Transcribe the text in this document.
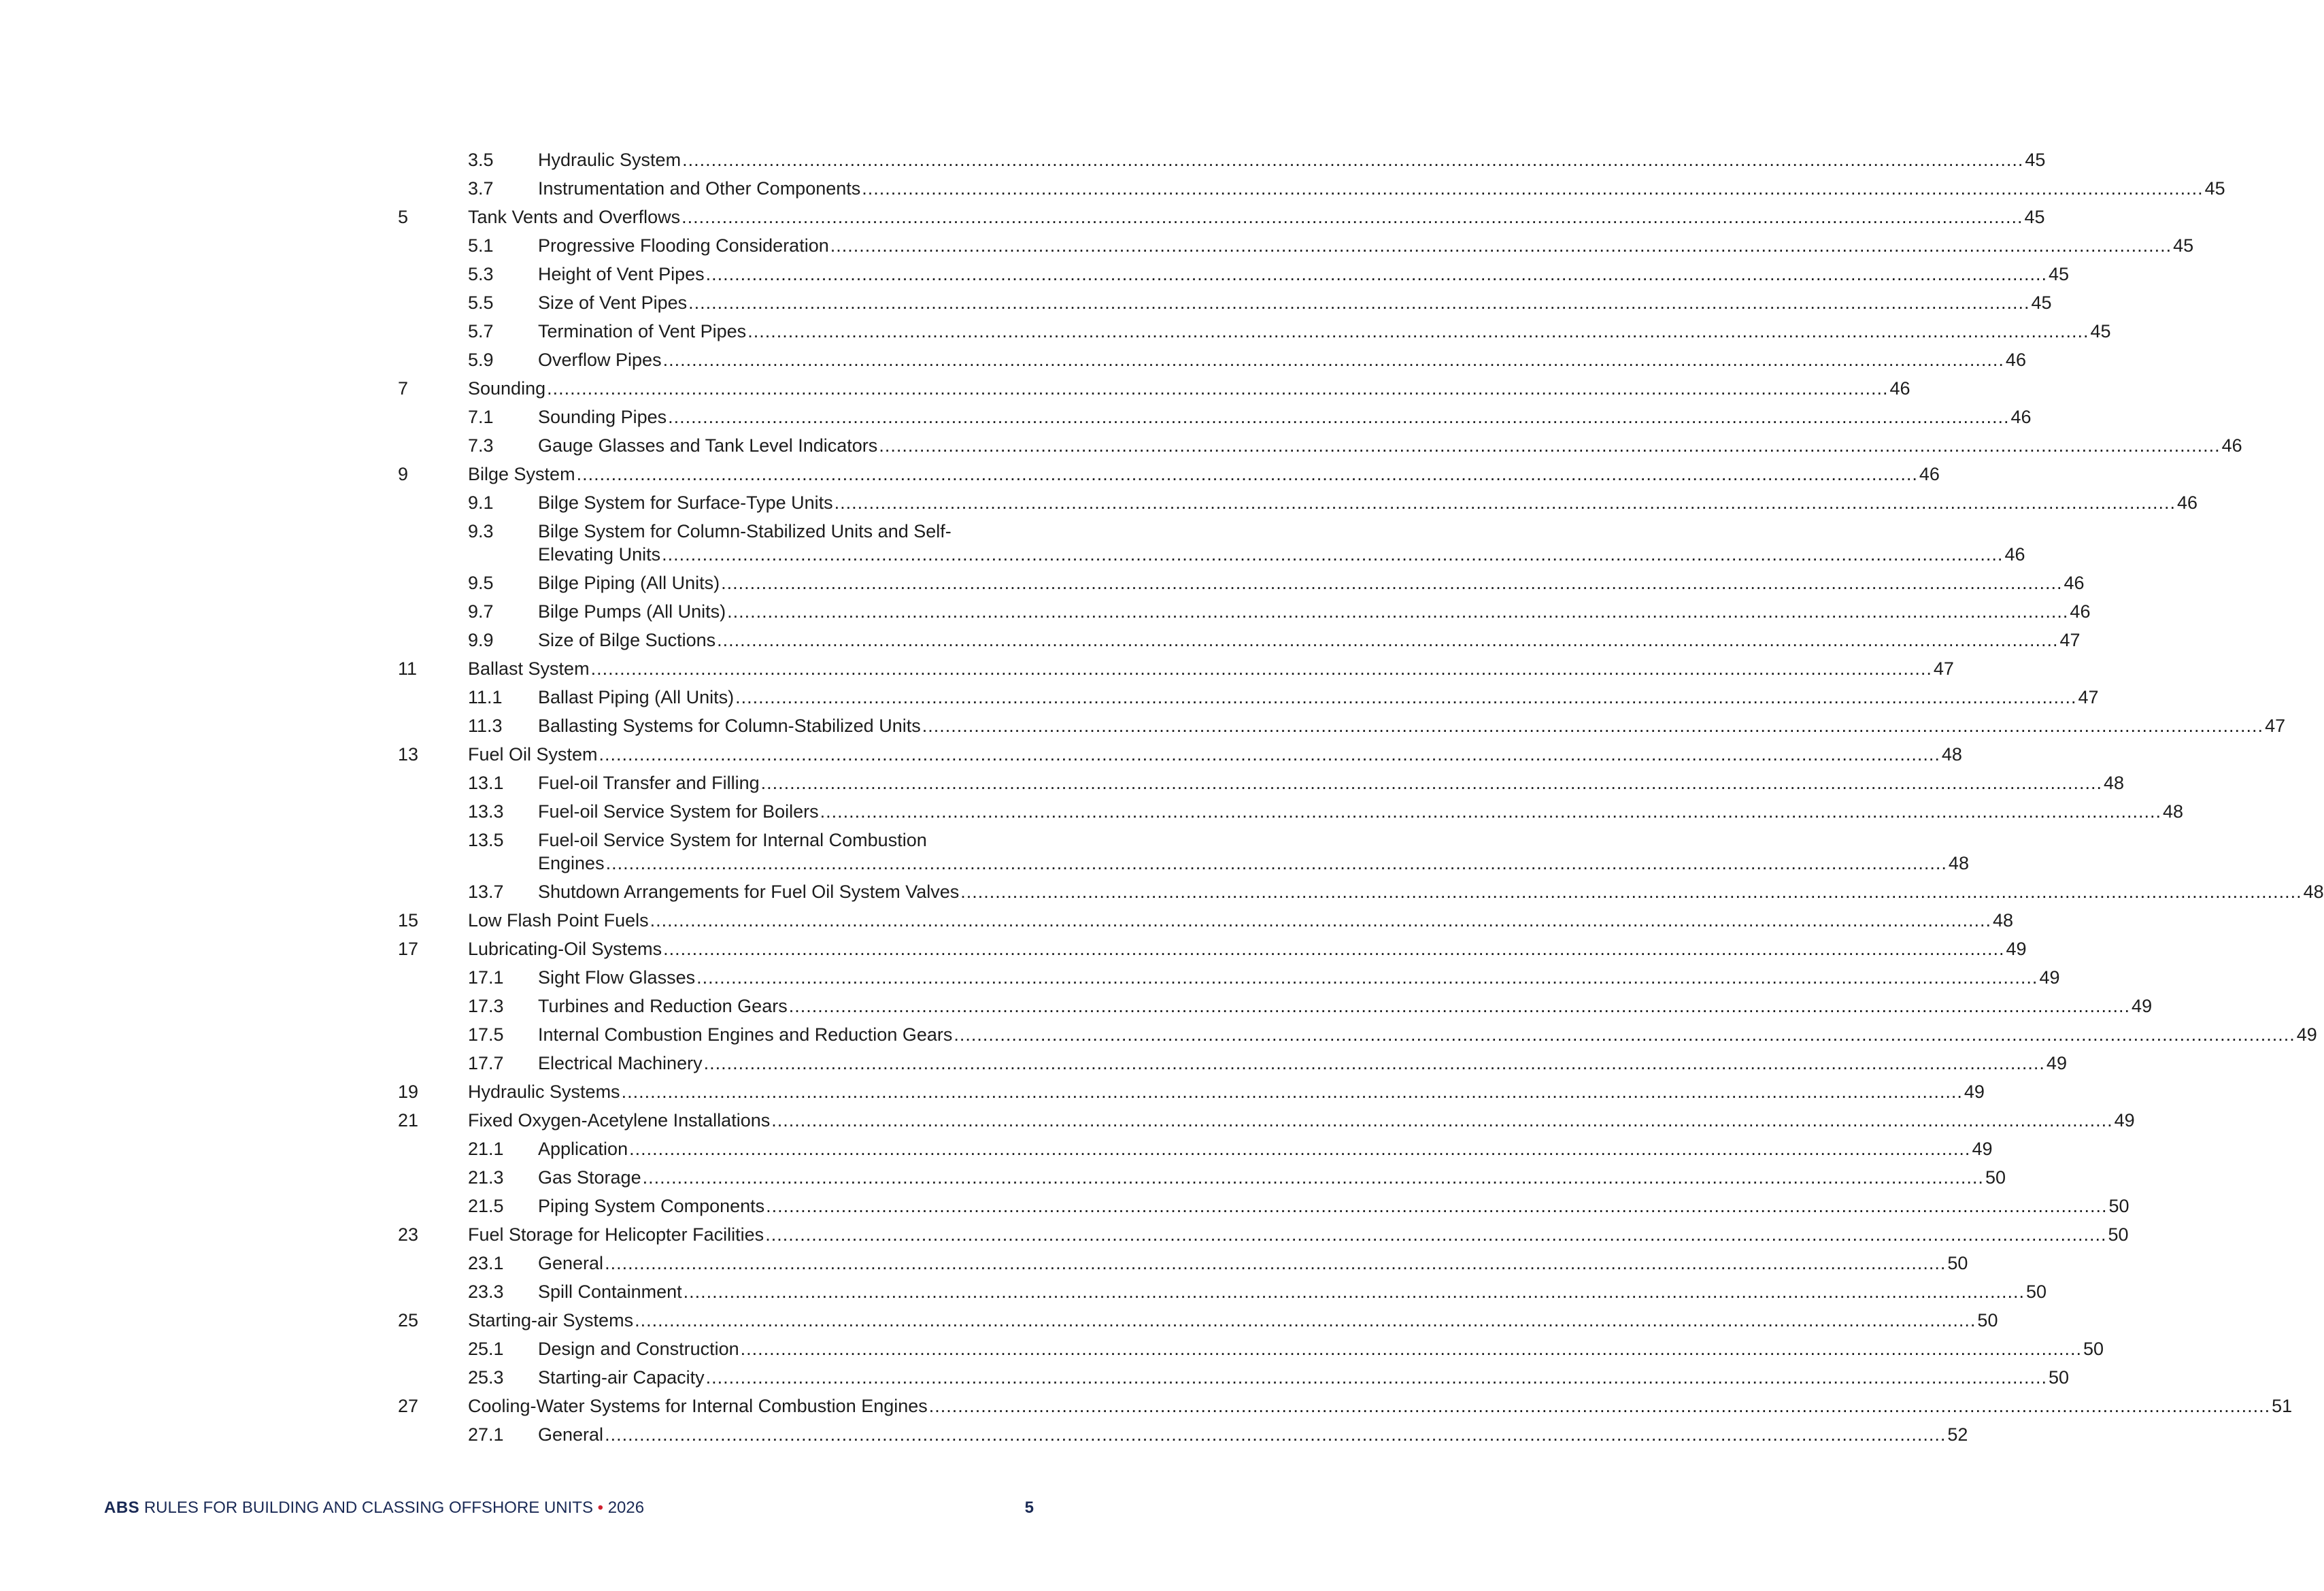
3.5	Hydraulic System .....	45
3.7	Instrumentation and Other Components .....	45
5	Tank Vents and Overflows .....	45
5.1	Progressive Flooding Consideration .....	45
5.3	Height of Vent Pipes .....	45
5.5	Size of Vent Pipes .....	45
5.7	Termination of Vent Pipes .....	45
5.9	Overflow Pipes .....	46
7	Sounding .....	46
7.1	Sounding Pipes .....	46
7.3	Gauge Glasses and Tank Level Indicators .....	46
9	Bilge System .....	46
9.1	Bilge System for Surface-Type Units .....	46
9.3	Bilge System for Column-Stabilized Units and Self-
Elevating Units .....	46
9.5	Bilge Piping (All Units) .....	46
9.7	Bilge Pumps (All Units) .....	46
9.9	Size of Bilge Suctions .....	47
11	Ballast System .....	47
11.1	Ballast Piping (All Units) .....	47
11.3	Ballasting Systems for Column-Stabilized Units .....	47
13	Fuel Oil System .....	48
13.1	Fuel-oil Transfer and Filling .....	48
13.3	Fuel-oil Service System for Boilers .....	48
13.5	Fuel-oil Service System for Internal Combustion
Engines .....	48
13.7	Shutdown Arrangements for Fuel Oil System Valves .....	48
15	Low Flash Point Fuels .....	48
17	Lubricating-Oil Systems .....	49
17.1	Sight Flow Glasses .....	49
17.3	Turbines and Reduction Gears .....	49
17.5	Internal Combustion Engines and Reduction Gears .....	49
17.7	Electrical Machinery .....	49
19	Hydraulic Systems .....	49
21	Fixed Oxygen-Acetylene Installations .....	49
21.1	Application .....	49
21.3	Gas Storage .....	50
21.5	Piping System Components .....	50
23	Fuel Storage for Helicopter Facilities .....	50
23.1	General .....	50
23.3	Spill Containment .....	50
25	Starting-air Systems .....	50
25.1	Design and Construction .....	50
25.3	Starting-air Capacity .....	50
27	Cooling-Water Systems for Internal Combustion Engines .....	51
27.1	General .....	52
ABS RULES FOR BUILDING AND CLASSING OFFSHORE UNITS • 2026	5
